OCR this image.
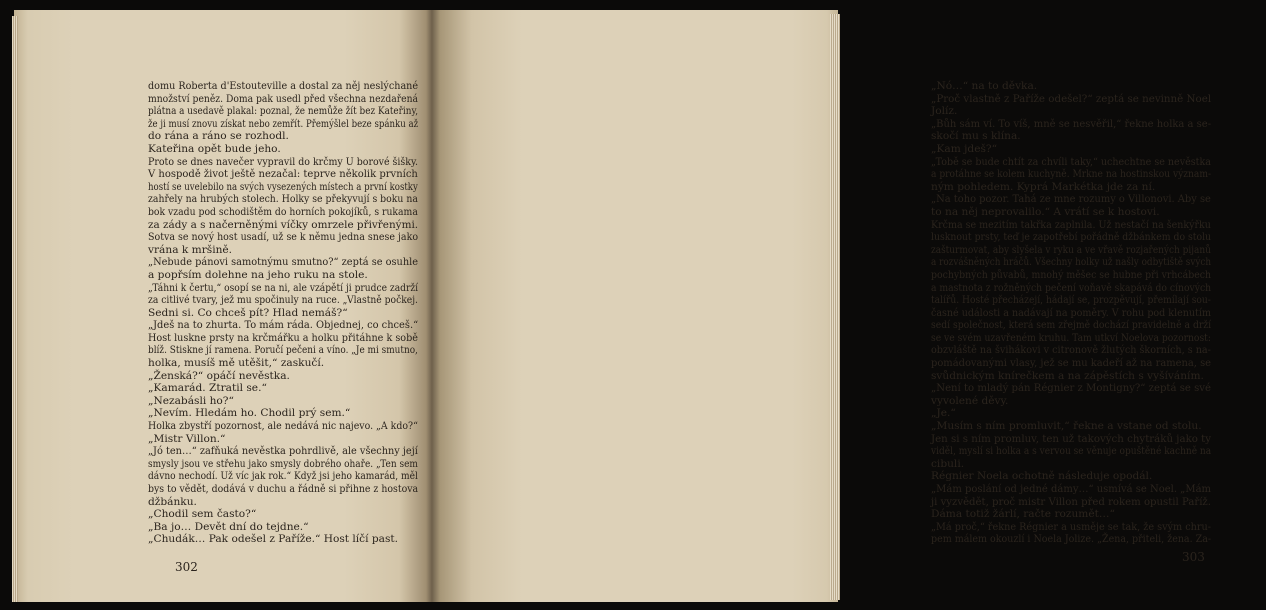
domu Roberta d'Estouteville a dostal za něj neslýchané
množství peněz. Doma pak usedl před všechna nezdařená
plátna a usedavě plakal: poznal, že nemůže žít bez Kateřiny,
že ji musí znovu získat nebo zemřít. Přemýšlel beze spánku až
do rána a ráno se rozhodl.
Kateřina opět bude jeho.
Proto se dnes navečer vypravil do krčmy U borové šišky.
V hospodě život ještě nezačal: teprve několik prvních
hostí se uvelebilo na svých vysezených místech a první kostky
zahřely na hrubých stolech. Holky se překyvují s boku na
bok vzadu pod schodištěm do horních pokojíků, s rukama
za zády a s načerněnými víčky omrzele přivřenými.
Sotva se nový host usadí, už se k němu jedna snese jako
vrána k mršině.
„Nebude pánovi samotnýmu smutno?“ zeptá se osuhle
a popřsím dolehne na jeho ruku na stole.
„Táhni k čertu,“ osopí se na ni, ale vzápětí ji prudce zadrží
za citlivé tvary, jež mu spočinuly na ruce. „Vlastně počkej.
Sedni si. Co chceš pít? Hlad nemáš?“
„Jdeš na to zhurta. To mám ráda. Objednej, co chceš.“
Host luskne prsty na krčmářku a holku přitáhne k sobě
blíž. Stiskne jí ramena. Poručí pečeni a víno. „Je mi smutno,
holka, musíš mě utěšit,“ zaskučí.
„Ženská?“ opáčí nevěstka.
„Kamarád. Ztratil se.“
„Nezabásli ho?“
„Nevím. Hledám ho. Chodil prý sem.“
Holka zbystří pozornost, ale nedává nic najevo. „A kdo?“
„Mistr Villon.“
„Jó ten…“ zafňuká nevěstka pohrdlivě, ale všechny její
smysly jsou ve střehu jako smysly dobrého ohaře. „Ten sem
dávno nechodí. Už víc jak rok.“ Když jsi jeho kamarád, měl
bys to vědět, dodává v duchu a řádně si přihne z hostova
džbánku.
„Chodil sem často?“
„Ba jo… Devět dní do tejdne.“
„Chudák… Pak odešel z Paříže.“ Host líčí past.
302
„Nó…“ na to děvka.
„Proč vlastně z Paříže odešel?“ zeptá se nevinně Noel
Jolíz.
„Bůh sám ví. To víš, mně se nesvěřil,“ řekne holka a se-
skočí mu s klína.
„Kam jdeš?“
„Tobě se bude chtít za chvíli taky,“ uchechtne se nevěstka
a protáhne se kolem kuchyně. Mrkne na hostinskou význam-
ným pohledem. Kyprá Markétka jde za ní.
„Na toho pozor. Tahá ze mne rozumy o Villonovi. Aby se
to na něj neprovalilo.“ A vrátí se k hostovi.
Krčma se mezitím takřka zaplnila. Už nestačí na šenkýřku
lusknout prsty, teď je zapotřebí pořádně džbánkem do stolu
zašturmovat, aby slyšela v ryku a ve vřavě rozjařených pijanů
a rozvášněných hráčů. Všechny holky už našly odbytiště svých
pochybných půvabů, mnohý měšec se hubne při vrhcábech
a mastnota z rožněných pečení voňavě skapává do cínových
talířů. Hosté přecházejí, hádají se, prozpěvují, přemílají sou-
časné události a nadávají na poměry. V rohu pod klenutím
sedí společnost, která sem zřejmě dochází pravidelně a drží
se ve svém uzavřeném kruhu. Tam utkví Noelova pozornost:
obzvláště na švihákovi v citronově žlutých škorních, s na-
pomádovanými vlasy, jež se mu kadeří až na ramena, se
svůdnickým knírečkem a na zápěstích s vyšíváním.
„Není to mladý pán Régnier z Montigny?“ zeptá se své
vyvolené děvy.
„Je.“
„Musím s ním promluvit,“ řekne a vstane od stolu.
Jen si s ním promluv, ten už takových chytráků jako ty
viděl, myslí si holka a s vervou se věnuje opuštěné kachně na
cibuli.
Régnier Noela ochotně následuje opodál.
„Mám poslání od jedné dámy…“ usmívá se Noel. „Mám
ji vyzvědět, proč mistr Villon před rokem opustil Paříž.
Dáma totiž žárlí, račte rozumět…“
„Má proč,“ řekne Régnier a usměje se tak, že svým chru-
pem málem okouzlí i Noela Jolize. „Žena, přiteli, žena. Za-
303
